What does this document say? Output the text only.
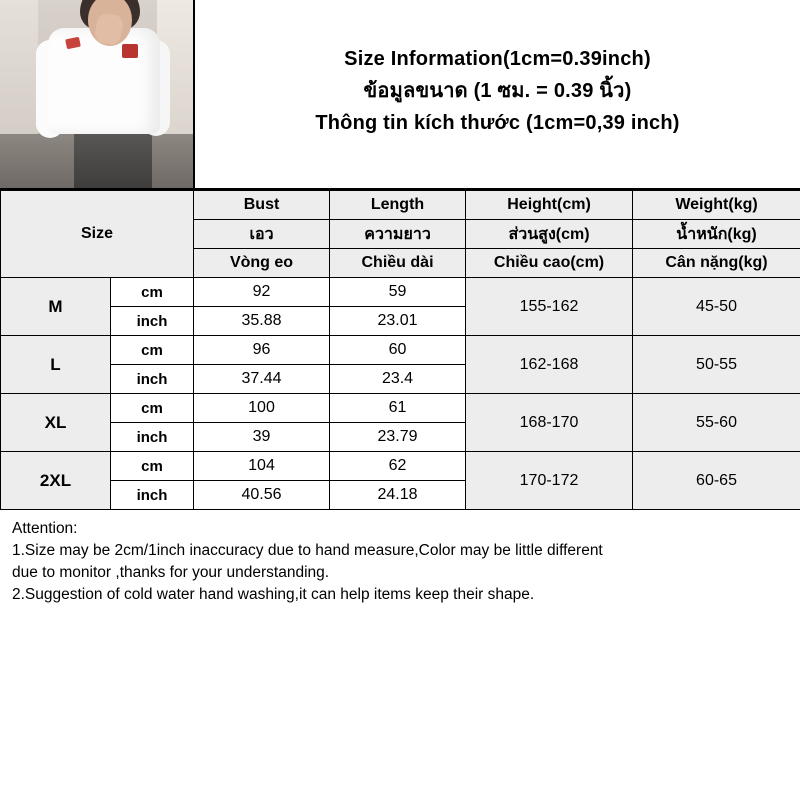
Size Information(1cm=0.39inch)
ข้อมูลขนาด (1 ซม. = 0.39 นิ้ว)
Thông tin kích thước (1cm=0,39 inch)
Size		Bust	Length	Height(cm)	Weight(kg)
		เอว	ความยาว	ส่วนสูง(cm)	น้ำหนัก(kg)
		Vòng eo	Chiều dài	Chiều cao(cm)	Cân nặng(kg)
M	cm	92	59	155-162	45-50
	inch	35.88	23.01		
L	cm	96	60	162-168	50-55
	inch	37.44	23.4		
XL	cm	100	61	168-170	55-60
	inch	39	23.79		
2XL	cm	104	62	170-172	60-65
	inch	40.56	24.18		
Attention:
1.Size may be 2cm/1inch inaccuracy due to hand measure,Color may be little different
due to monitor ,thanks for your understanding.
2.Suggestion of cold water hand washing,it can help items keep their shape.
